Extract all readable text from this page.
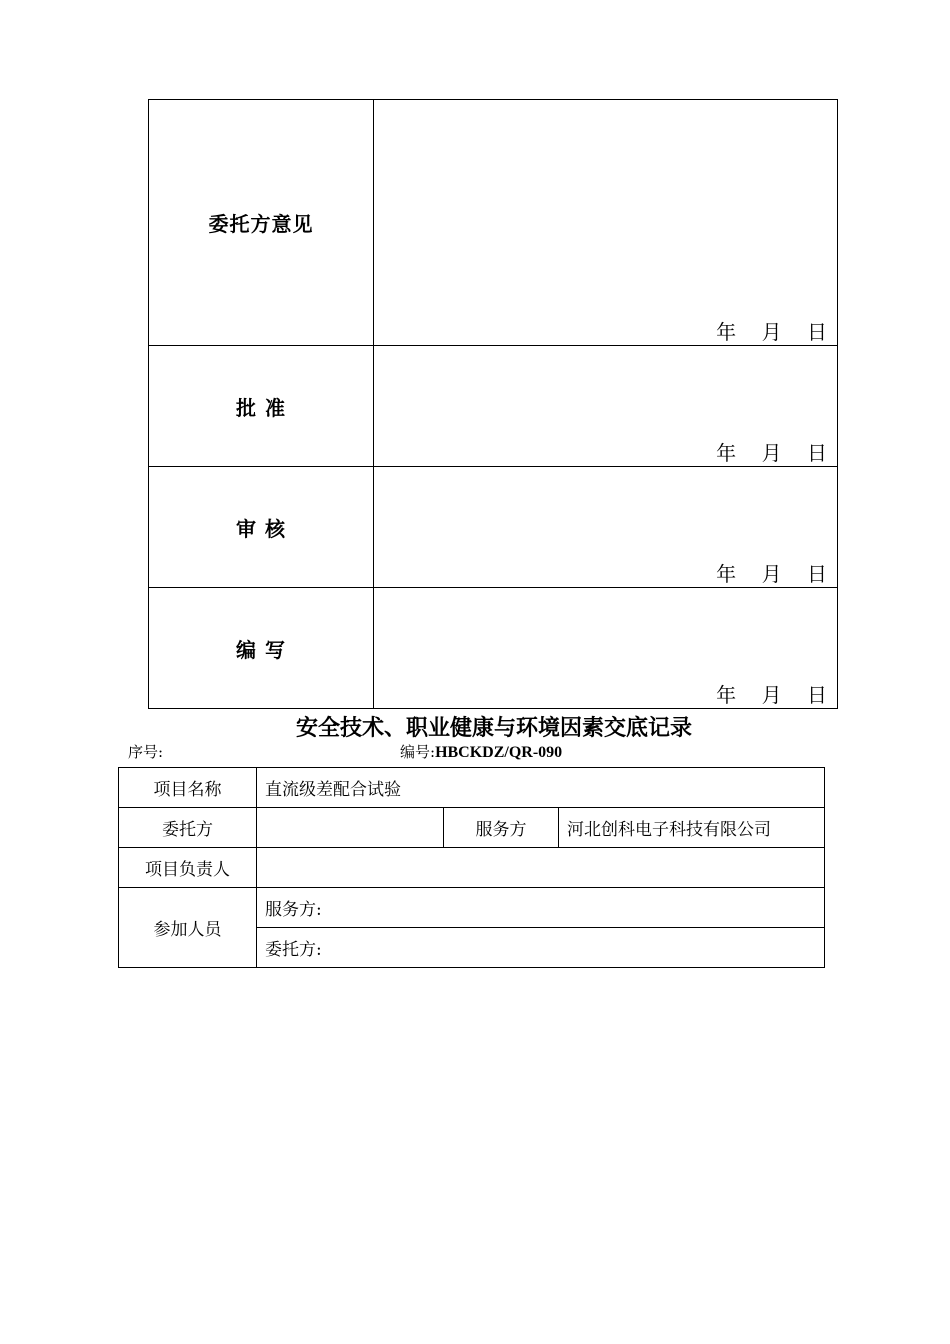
委托方意见	年    月    日

批 准	年    月    日

审 核	年    月    日

编 写	年    月    日
安全技术、职业健康与环境因素交底记录
序号:	编号:HBCKDZ/QR-090
项目名称	直流级差配合试验		
委托方		服务方	河北创科电子科技有限公司
项目负责人			
参加人员	服务方:		
	委托方:		
